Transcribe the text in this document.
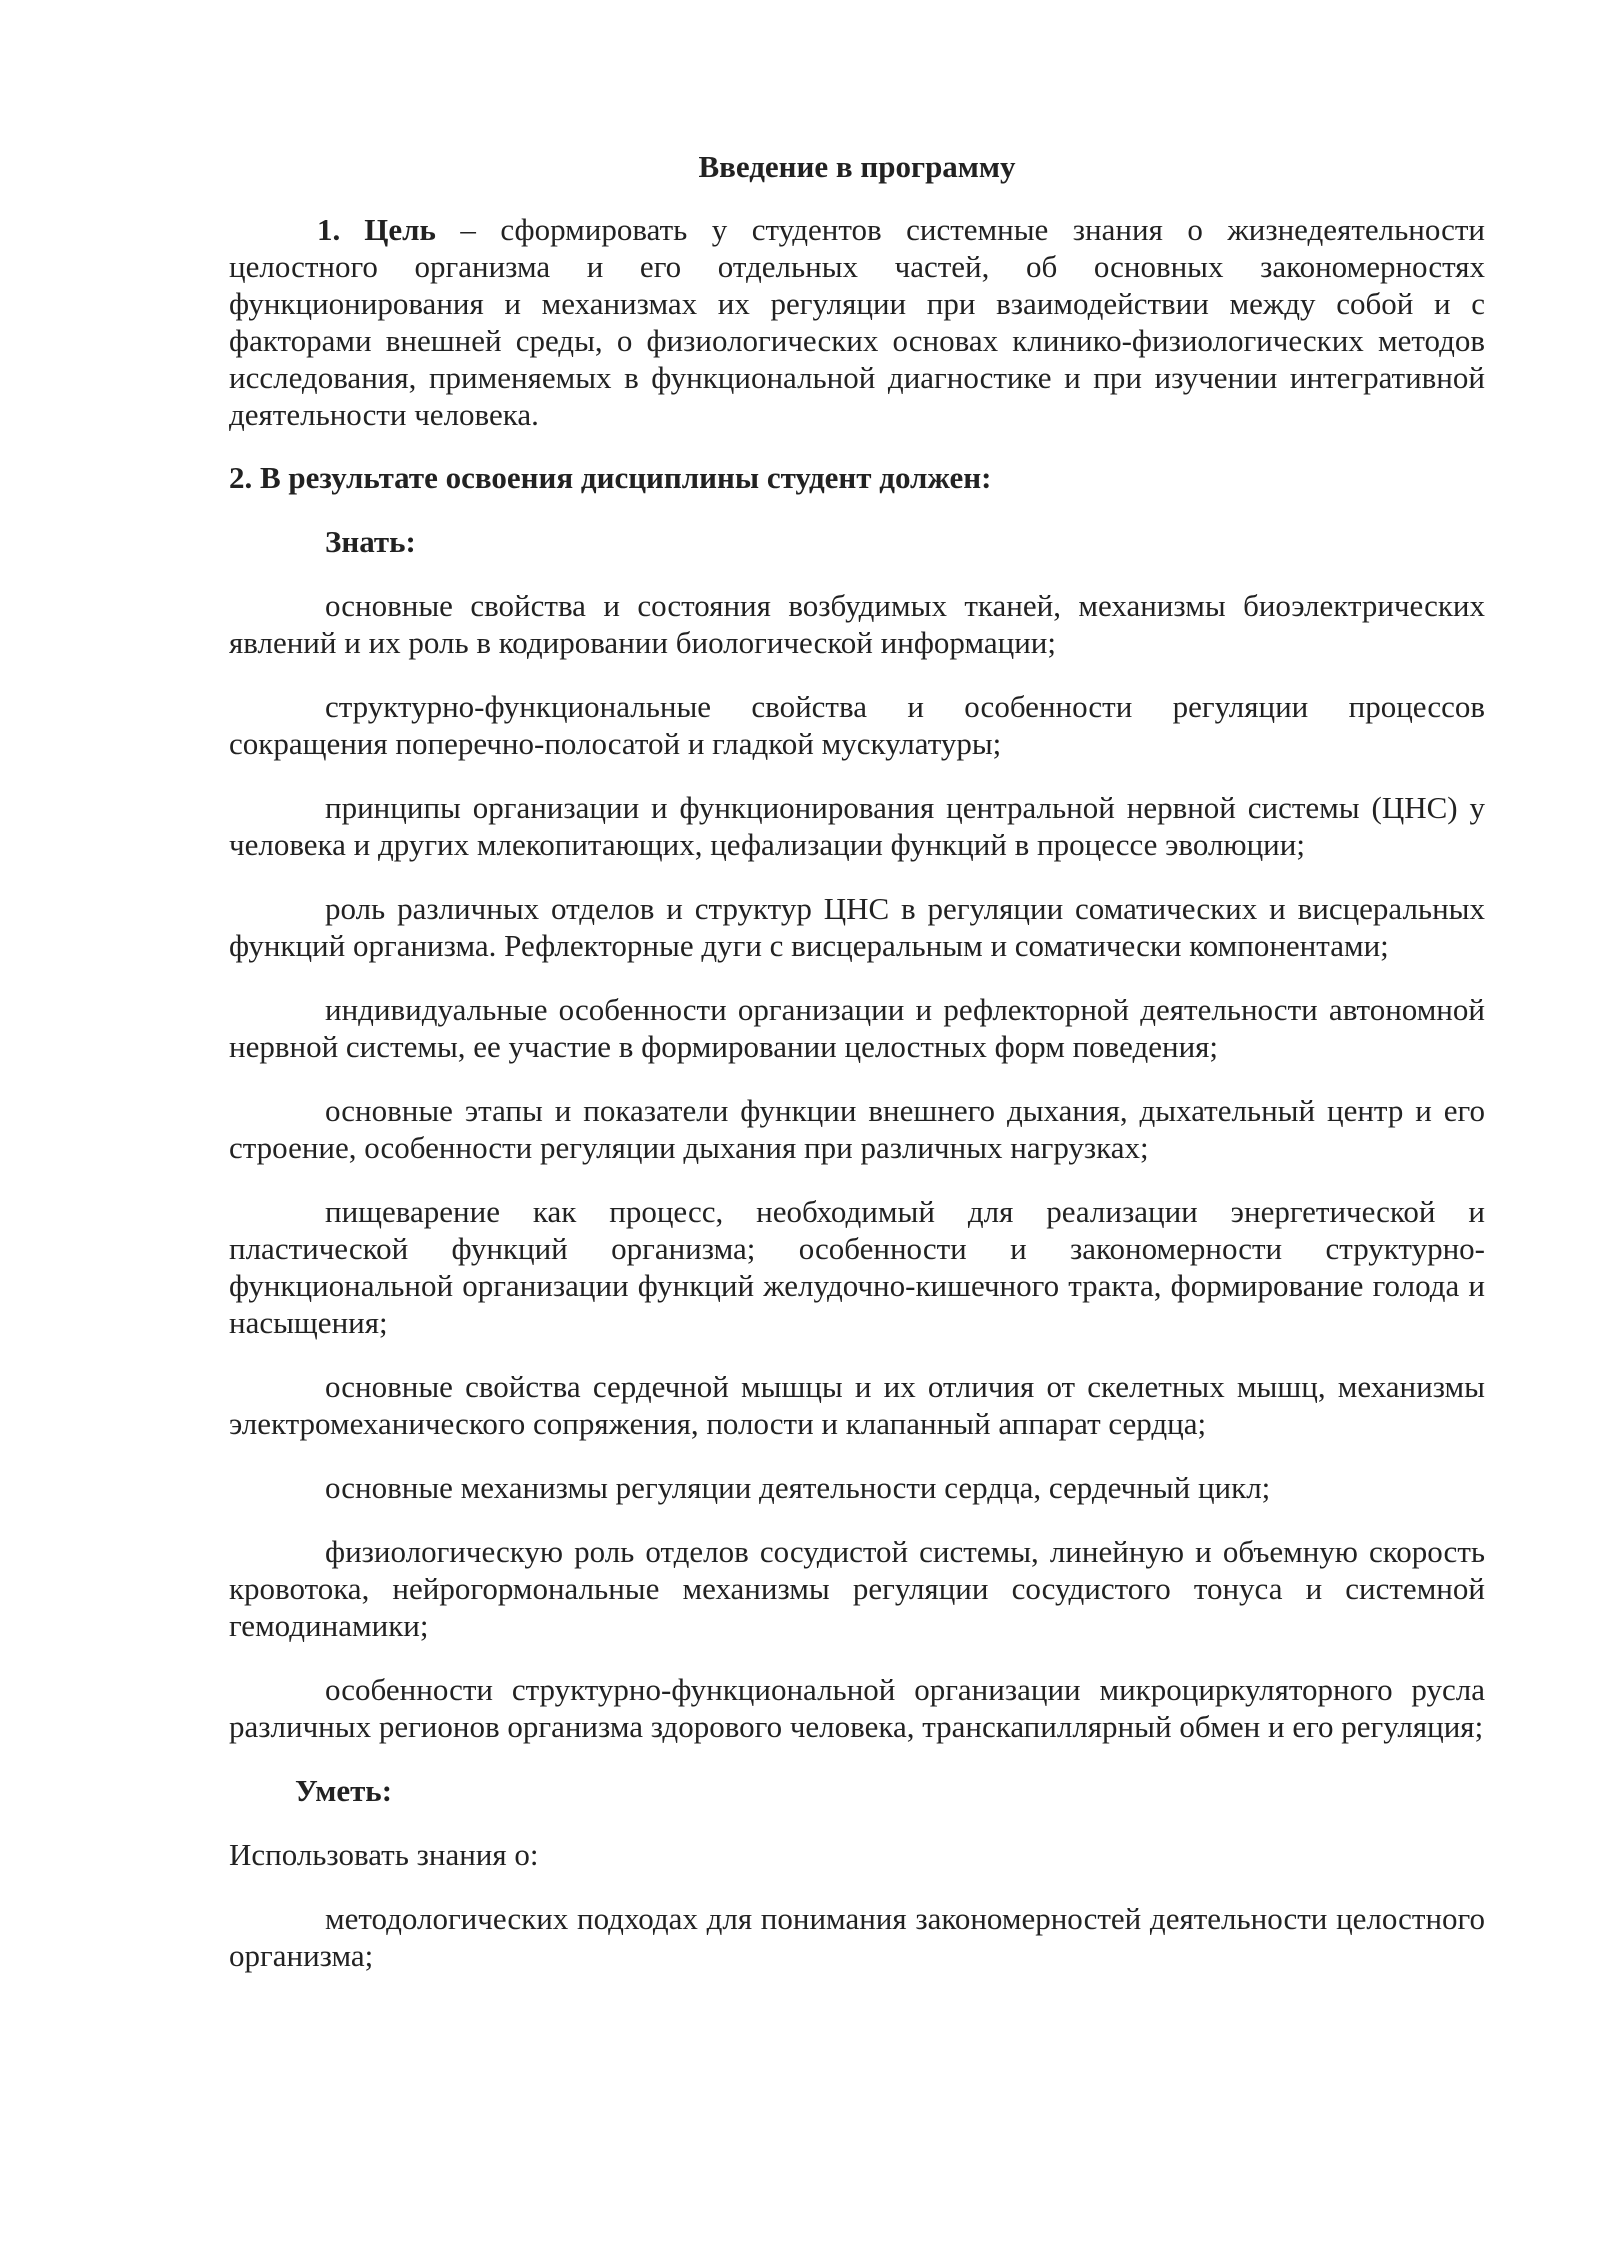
Введение в программу

1. Цель – сформировать у студентов системные знания о жизнедеятельности целостного организма и его отдельных частей, об основных закономерностях функционирования и механизмах их регуляции при взаимодействии между собой и с факторами внешней среды, о физиологических основах клинико-физиологических методов исследования, применяемых в функциональной диагностике и при изучении интегративной деятельности человека.

2. В результате освоения дисциплины студент должен:
Знать:

основные свойства и состояния возбудимых тканей, механизмы биоэлектрических явлений и их роль в кодировании биологической информации;

структурно-функциональные свойства и особенности регуляции процессов сокращения поперечно-полосатой и гладкой мускулатуры;

принципы организации и функционирования центральной нервной системы (ЦНС) у человека и других млекопитающих, цефализации функций в процессе эволюции;

роль различных отделов и структур ЦНС в регуляции соматических и висцеральных функций организма. Рефлекторные дуги с висцеральным и соматически компонентами;

индивидуальные особенности организации и рефлекторной деятельности автономной нервной системы, ее участие в формировании целостных форм поведения;

основные этапы и показатели функции внешнего дыхания, дыхательный центр и его строение, особенности регуляции дыхания при различных нагрузках;

пищеварение как процесс, необходимый для реализации энергетической и пластической функций организма; особенности и закономерности структурно-функциональной организации функций желудочно-кишечного тракта, формирование голода и насыщения;

основные свойства сердечной мышцы и их отличия от скелетных мышц, механизмы электромеханического сопряжения, полости и клапанный аппарат сердца;

основные механизмы регуляции деятельности сердца, сердечный цикл;

физиологическую роль отделов сосудистой системы, линейную и объемную скорость кровотока, нейрогормональные механизмы регуляции сосудистого тонуса и системной гемодинамики;

особенности структурно-функциональной организации микроциркуляторного русла различных регионов организма здорового человека, транскапиллярный обмен и его регуляция;

Уметь:

Использовать знания о:

методологических подходах для понимания закономерностей деятельности целостного организма;
